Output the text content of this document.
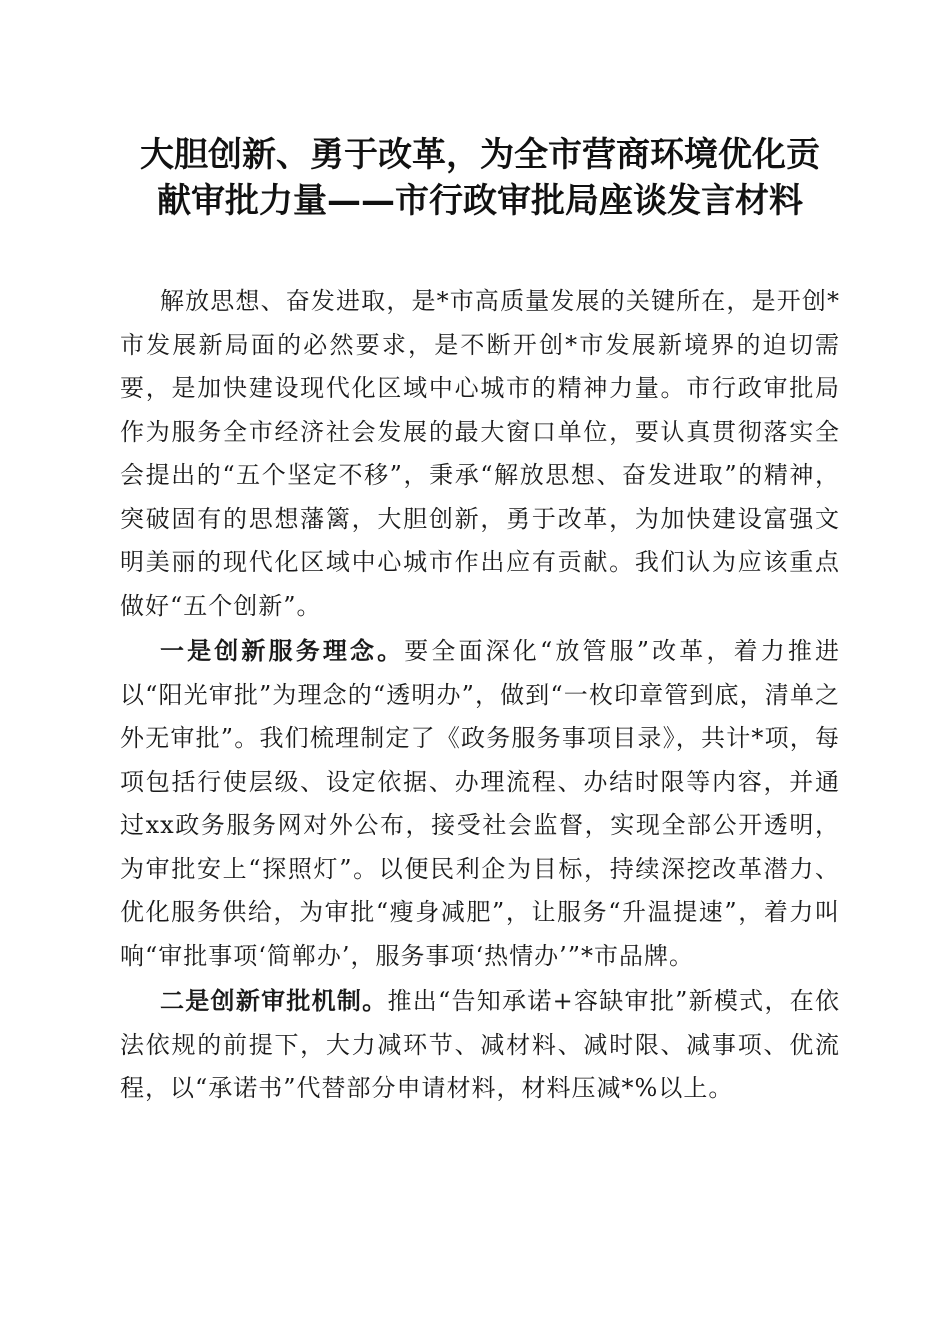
大胆创新、勇于改革，为全市营商环境优化贡
献审批力量——市行政审批局座谈发言材料

解放思想、奋发进取，是*市高质量发展的关键所在，是开创*市发展新局面的必然要求，是不断开创*市发展新境界的迫切需要，是加快建设现代化区域中心城市的精神力量。市行政审批局作为服务全市经济社会发展的最大窗口单位，要认真贯彻落实全会提出的“五个坚定不移”，秉承“解放思想、奋发进取”的精神，突破固有的思想藩篱，大胆创新，勇于改革，为加快建设富强文明美丽的现代化区域中心城市作出应有贡献。我们认为应该重点做好“五个创新”。

一是创新服务理念。要全面深化“放管服”改革，着力推进以“阳光审批”为理念的“透明办”，做到“一枚印章管到底，清单之外无审批”。我们梳理制定了《政务服务事项目录》，共计*项，每项包括行使层级、设定依据、办理流程、办结时限等内容，并通过xx政务服务网对外公布，接受社会监督，实现全部公开透明，为审批安上“探照灯”。以便民利企为目标，持续深挖改革潜力、优化服务供给，为审批“瘦身减肥”，让服务“升温提速”，着力叫响“审批事项‘简郸办’，服务事项‘热情办’”*市品牌。

二是创新审批机制。推出“告知承诺+容缺审批”新模式，在依法依规的前提下，大力减环节、减材料、减时限、减事项、优流程，以“承诺书”代替部分申请材料，材料压减*%以上。
